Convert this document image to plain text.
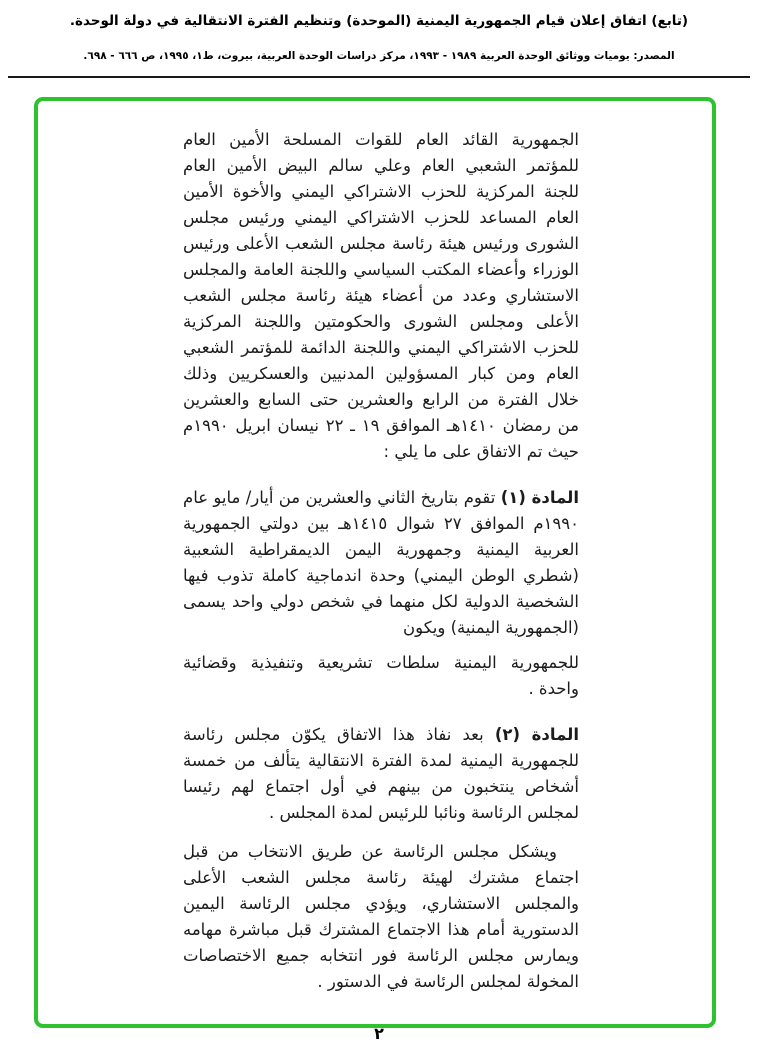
(تابع) اتفاق إعلان قيام الجمهورية اليمنية (الموحدة) وتنظيم الفترة الانتقالية في دولة الوحدة.
المصدر: يوميات ووثائق الوحدة العربية ١٩٨٩ - ١٩٩٣، مركز دراسات الوحدة العربية، بيروت، ط١، ١٩٩٥، ص ٦٦٦ - ٦٩٨.

الجمهورية القائد العام للقوات المسلحة الأمين العام للمؤتمر الشعبي العام وعلي سالم البيض الأمين العام للجنة المركزية للحزب الاشتراكي اليمني والأخوة الأمين العام المساعد للحزب الاشتراكي اليمني ورئيس مجلس الشورى ورئيس هيئة رئاسة مجلس الشعب الأعلى ورئيس الوزراء وأعضاء المكتب السياسي واللجنة العامة والمجلس الاستشاري وعدد من أعضاء هيئة رئاسة مجلس الشعب الأعلى ومجلس الشورى والحكومتين واللجنة المركزية للحزب الاشتراكي اليمني واللجنة الدائمة للمؤتمر الشعبي العام ومن كبار المسؤولين المدنيين والعسكريين وذلك خلال الفترة من الرابع والعشرين حتى السابع والعشرين من رمضان ١٤١٠هـ الموافق ١٩ ـ ٢٢ نيسان ابريل ١٩٩٠م حيث تم الاتفاق على ما يلي :

المادة (١) تقوم بتاريخ الثاني والعشرين من أيار/ مايو عام ١٩٩٠م الموافق ٢٧ شوال ١٤١٥هـ بين دولتي الجمهورية العربية اليمنية وجمهورية اليمن الديمقراطية الشعبية (شطري الوطن اليمني) وحدة اندماجية كاملة تذوب فيها الشخصية الدولية لكل منهما في شخص دولي واحد يسمى (الجمهورية اليمنية) ويكون

للجمهورية اليمنية سلطات تشريعية وتنفيذية وقضائية واحدة .

المادة (٢) بعد نفاذ هذا الاتفاق يكوّن مجلس رئاسة للجمهورية اليمنية لمدة الفترة الانتقالية يتألف من خمسة أشخاص ينتخبون من بينهم في أول اجتماع لهم رئيسا لمجلس الرئاسة ونائبا للرئيس لمدة المجلس .

ويشكل مجلس الرئاسة عن طريق الانتخاب من قبل اجتماع مشترك لهيئة رئاسة مجلس الشعب الأعلى والمجلس الاستشاري، ويؤدي مجلس الرئاسة اليمين الدستورية أمام هذا الاجتماع المشترك قبل مباشرة مهامه ويمارس مجلس الرئاسة فور انتخابه جميع الاختصاصات المخولة لمجلس الرئاسة في الدستور .

٢
